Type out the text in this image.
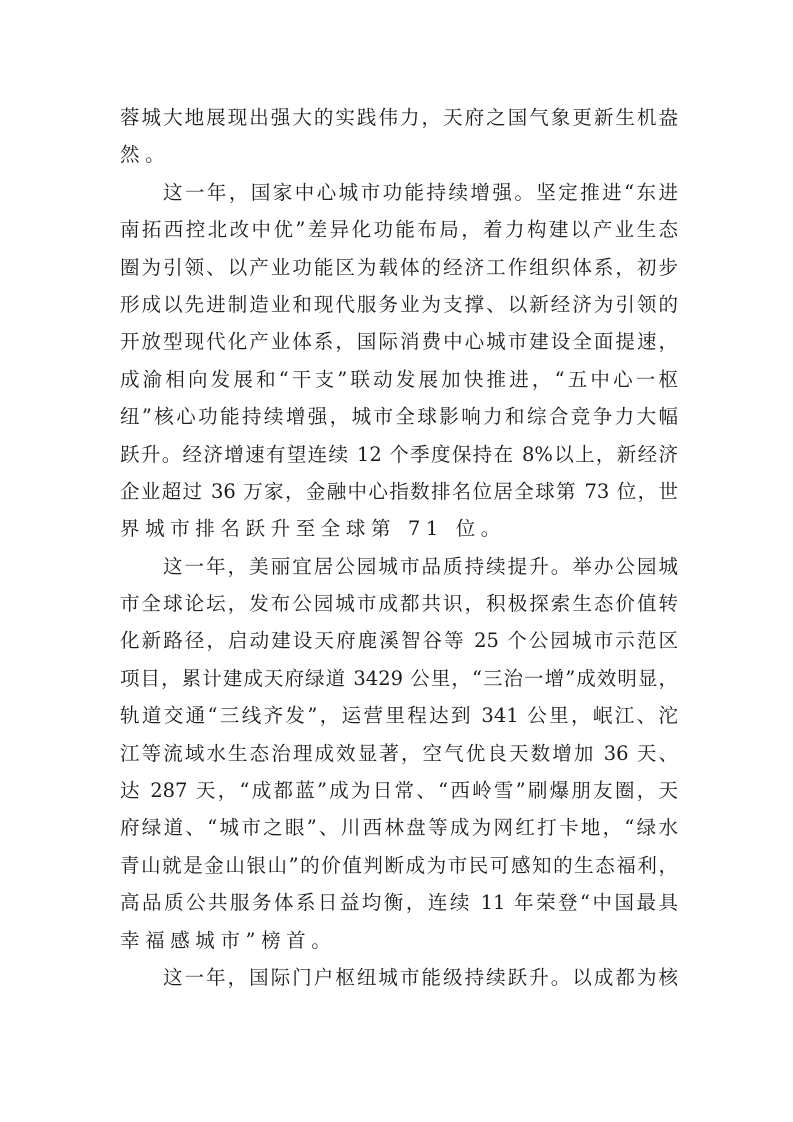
蓉城大地展现出强大的实践伟力，天府之国气象更新生机盎
然。
这一年，国家中心城市功能持续增强。坚定推进“东进
南拓西控北改中优”差异化功能布局，着力构建以产业生态
圈为引领、以产业功能区为载体的经济工作组织体系，初步
形成以先进制造业和现代服务业为支撑、以新经济为引领的
开放型现代化产业体系，国际消费中心城市建设全面提速，
成渝相向发展和“干支”联动发展加快推进，“五中心一枢
纽”核心功能持续增强，城市全球影响力和综合竞争力大幅
跃升。经济增速有望连续 12 个季度保持在 8%以上，新经济
企业超过 36 万家，金融中心指数排名位居全球第 73 位，世
界城市排名跃升至全球第 71 位。
这一年，美丽宜居公园城市品质持续提升。举办公园城
市全球论坛，发布公园城市成都共识，积极探索生态价值转
化新路径，启动建设天府鹿溪智谷等 25 个公园城市示范区
项目，累计建成天府绿道 3429 公里，“三治一增”成效明显，
轨道交通“三线齐发”，运营里程达到 341 公里，岷江、沱
江等流域水生态治理成效显著，空气优良天数增加 36 天、
达 287 天，“成都蓝”成为日常、“西岭雪”刷爆朋友圈，天
府绿道、“城市之眼”、川西林盘等成为网红打卡地，“绿水
青山就是金山银山”的价值判断成为市民可感知的生态福利，
高品质公共服务体系日益均衡，连续 11 年荣登“中国最具
幸福感城市”榜首。
这一年，国际门户枢纽城市能级持续跃升。以成都为核
